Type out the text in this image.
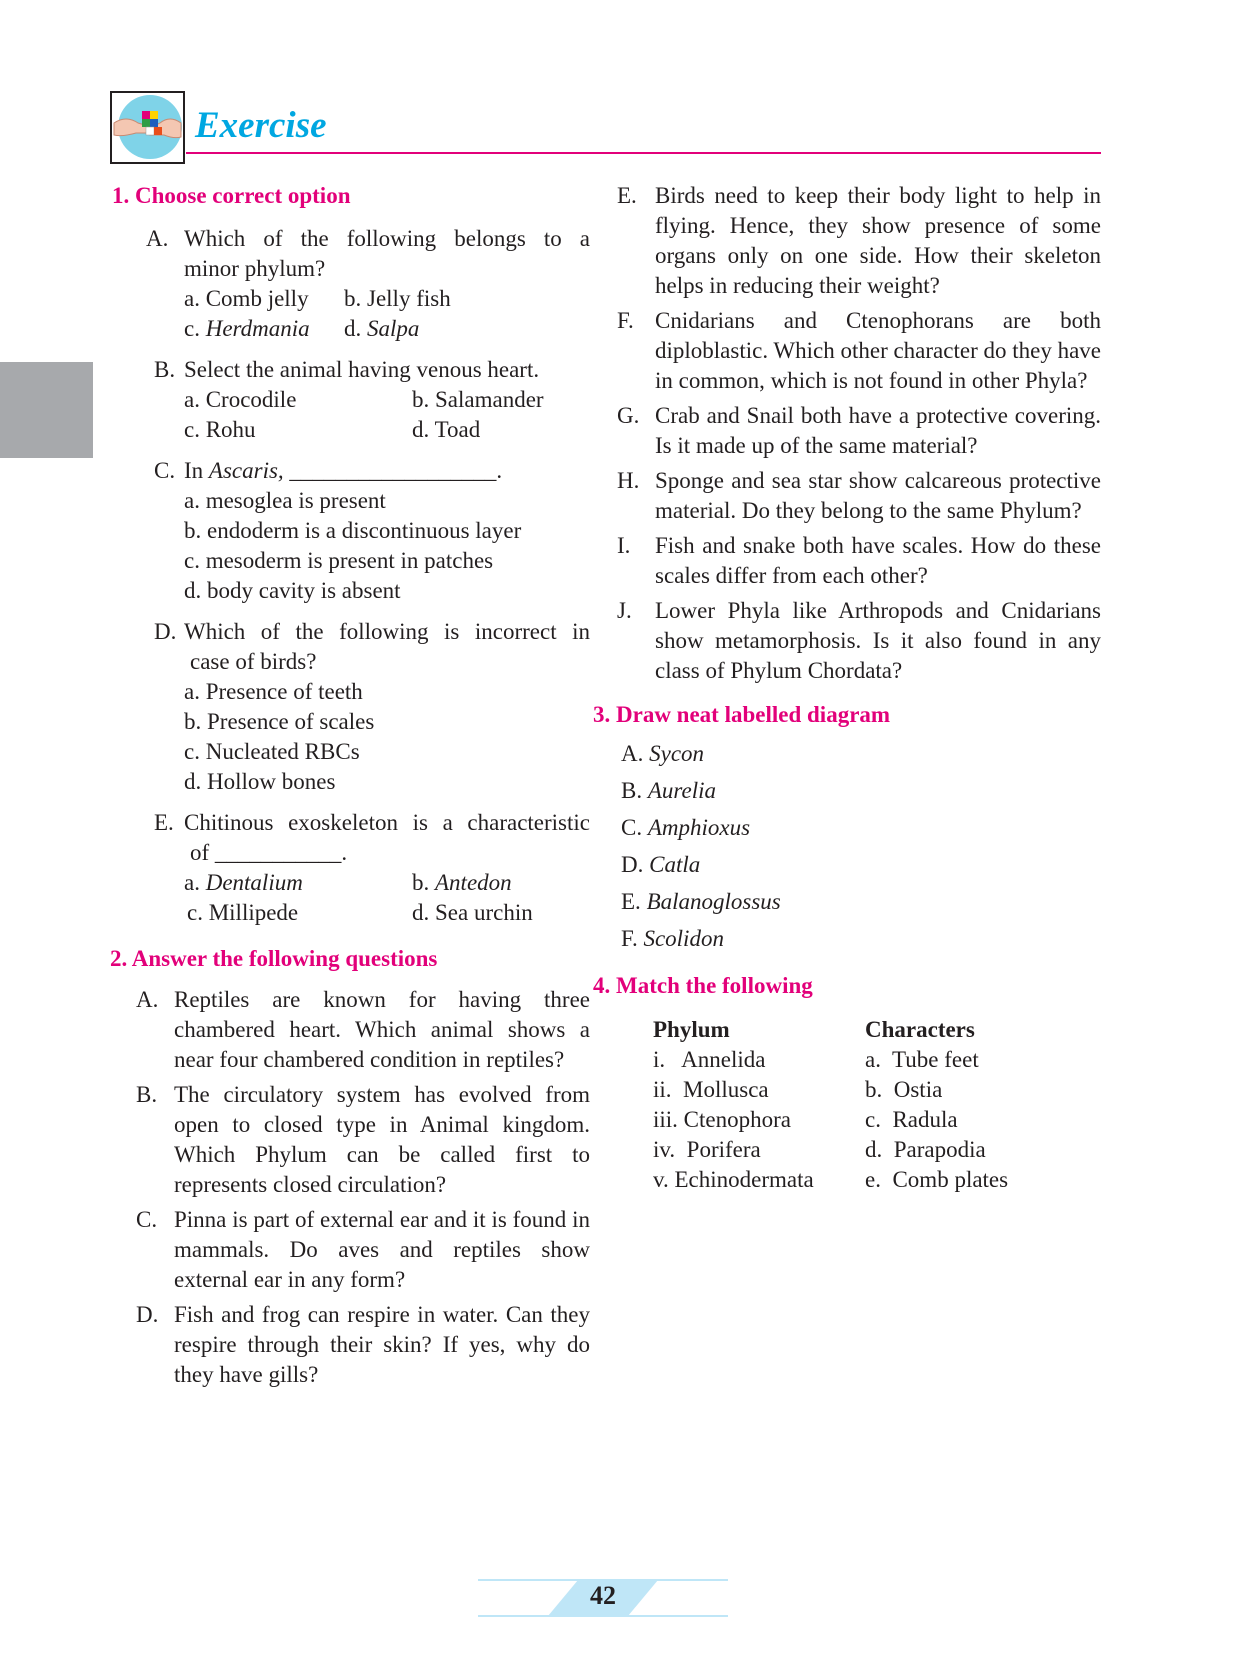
Exercise
1. Choose correct option
A. Which of the following belongs to a
minor phylum?
a. Comb jelly	b. Jelly fish
c. Herdmania	d. Salpa
B. Select the animal having venous heart.
a. Crocodile	b. Salamander
c. Rohu	d. Toad
C. In Ascaris, __________________.
a. mesoglea is present
b. endoderm is a discontinuous layer
c. mesoderm is present in patches
d. body cavity is absent
D. Which of the following is incorrect in
case of birds?
a. Presence of teeth
b. Presence of scales
c. Nucleated RBCs
d. Hollow bones
E. Chitinous exoskeleton is a characteristic
of ___________.
a. Dentalium	b. Antedon
c. Millipede	d. Sea urchin
2. Answer the following questions
A. Reptiles are known for having three chambered heart. Which animal shows a near four chambered condition in reptiles?
B. The circulatory system has evolved from open to closed type in Animal kingdom. Which Phylum can be called first to represents closed circulation?
C. Pinna is part of external ear and it is found in mammals. Do aves and reptiles show external ear in any form?
D. Fish and frog can respire in water. Can they respire through their skin? If yes, why do they have gills?
E. Birds need to keep their body light to help in flying. Hence, they show presence of some organs only on one side. How their skeleton helps in reducing their weight?
F. Cnidarians and Ctenophorans are both diploblastic. Which other character do they have in common, which is not found in other Phyla?
G. Crab and Snail both have a protective covering. Is it made up of the same material?
H. Sponge and sea star show calcareous protective material. Do they belong to the same Phylum?
I. Fish and snake both have scales. How do these scales differ from each other?
J. Lower Phyla like Arthropods and Cnidarians show metamorphosis. Is it also found in any class of Phylum Chordata?
3. Draw neat labelled diagram
A. Sycon
B. Aurelia
C. Amphioxus
D. Catla
E. Balanoglossus
F. Scolidon
4. Match the following
Phylum	Characters
i.   Annelida	a.  Tube feet
ii.  Mollusca	b.  Ostia
iii. Ctenophora	c.  Radula
iv.  Porifera	d.  Parapodia
v. Echinodermata	e.  Comb plates
42
